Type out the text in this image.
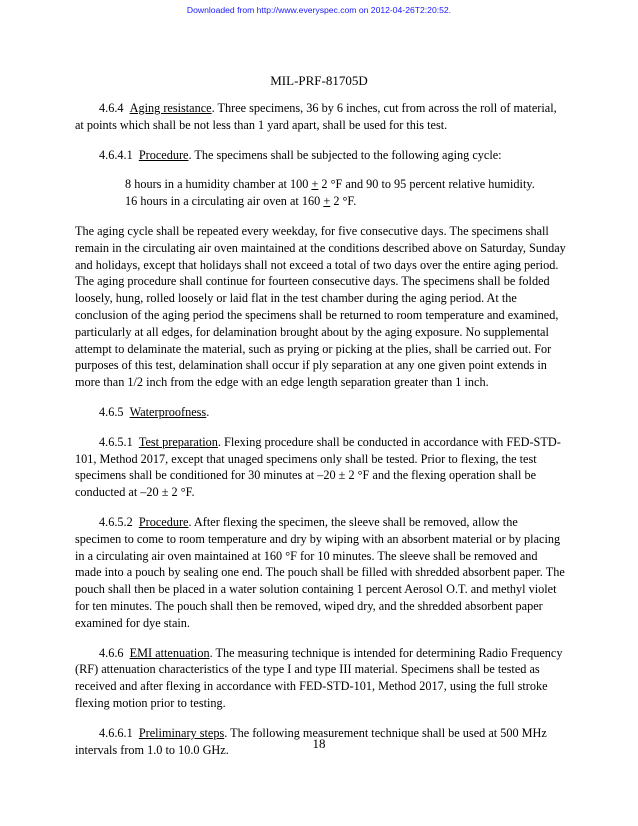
Downloaded from http://www.everyspec.com on 2012-04-26T2:20:52.
MIL-PRF-81705D

4.6.4 Aging resistance. Three specimens, 36 by 6 inches, cut from across the roll of material, at points which shall be not less than 1 yard apart, shall be used for this test.

4.6.4.1 Procedure. The specimens shall be subjected to the following aging cycle:

8 hours in a humidity chamber at 100 + 2 °F and 90 to 95 percent relative humidity.
16 hours in a circulating air oven at 160 + 2 °F.

The aging cycle shall be repeated every weekday, for five consecutive days. The specimens shall remain in the circulating air oven maintained at the conditions described above on Saturday, Sunday and holidays, except that holidays shall not exceed a total of two days over the entire aging period. The aging procedure shall continue for fourteen consecutive days. The specimens shall be folded loosely, hung, rolled loosely or laid flat in the test chamber during the aging period. At the conclusion of the aging period the specimens shall be returned to room temperature and examined, particularly at all edges, for delamination brought about by the aging exposure. No supplemental attempt to delaminate the material, such as prying or picking at the plies, shall be carried out. For purposes of this test, delamination shall occur if ply separation at any one given point extends in more than 1/2 inch from the edge with an edge length separation greater than 1 inch.

4.6.5 Waterproofness.

4.6.5.1 Test preparation. Flexing procedure shall be conducted in accordance with FED-STD-101, Method 2017, except that unaged specimens only shall be tested. Prior to flexing, the test specimens shall be conditioned for 30 minutes at –20 ± 2 °F and the flexing operation shall be conducted at –20 ± 2 °F.

4.6.5.2 Procedure. After flexing the specimen, the sleeve shall be removed, allow the specimen to come to room temperature and dry by wiping with an absorbent material or by placing in a circulating air oven maintained at 160 °F for 10 minutes. The sleeve shall be removed and made into a pouch by sealing one end. The pouch shall be filled with shredded absorbent paper. The pouch shall then be placed in a water solution containing 1 percent Aerosol O.T. and methyl violet for ten minutes. The pouch shall then be removed, wiped dry, and the shredded absorbent paper examined for dye stain.

4.6.6 EMI attenuation. The measuring technique is intended for determining Radio Frequency (RF) attenuation characteristics of the type I and type III material. Specimens shall be tested as received and after flexing in accordance with FED-STD-101, Method 2017, using the full stroke flexing motion prior to testing.

4.6.6.1 Preliminary steps. The following measurement technique shall be used at 500 MHz intervals from 1.0 to 10.0 GHz.	18
